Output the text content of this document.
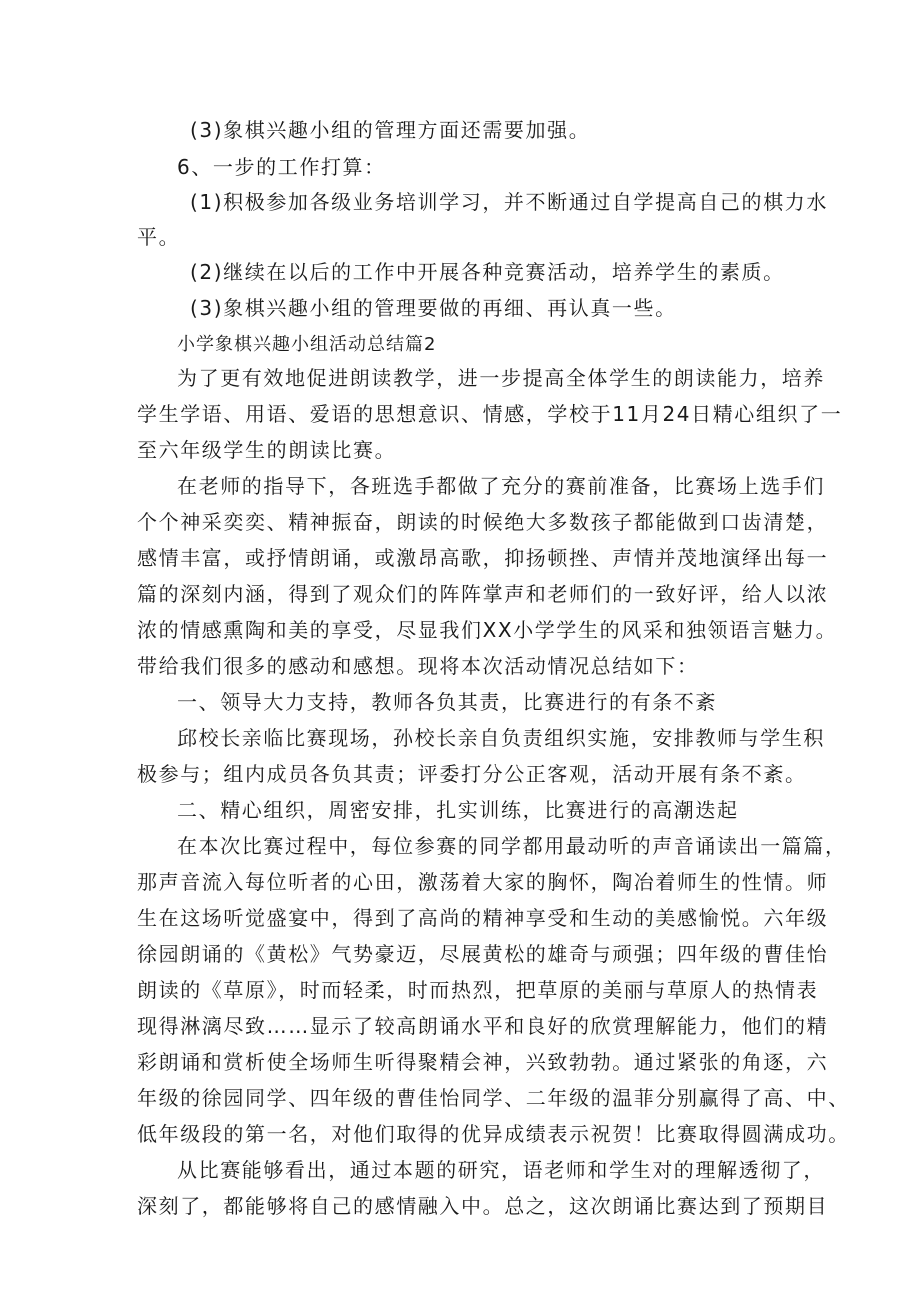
(3)象棋兴趣小组的管理方面还需要加强。
6、一步的工作打算：
(1)积极参加各级业务培训学习，并不断通过自学提高自己的棋力水
平。
(2)继续在以后的工作中开展各种竞赛活动，培养学生的素质。
(3)象棋兴趣小组的管理要做的再细、再认真一些。
小学象棋兴趣小组活动总结篇2
为了更有效地促进朗读教学，进一步提高全体学生的朗读能力，培养
学生学语、用语、爱语的思想意识、情感，学校于11月24日精心组织了一
至六年级学生的朗读比赛。
在老师的指导下，各班选手都做了充分的赛前准备，比赛场上选手们
个个神采奕奕、精神振奋，朗读的时候绝大多数孩子都能做到口齿清楚，
感情丰富，或抒情朗诵，或激昂高歌，抑扬顿挫、声情并茂地演绎出每一
篇的深刻内涵，得到了观众们的阵阵掌声和老师们的一致好评，给人以浓
浓的情感熏陶和美的享受，尽显我们XX小学学生的风采和独领语言魅力。
带给我们很多的感动和感想。现将本次活动情况总结如下：
一、领导大力支持，教师各负其责，比赛进行的有条不紊
邱校长亲临比赛现场，孙校长亲自负责组织实施，安排教师与学生积
极参与；组内成员各负其责；评委打分公正客观，活动开展有条不紊。
二、精心组织，周密安排，扎实训练，比赛进行的高潮迭起
在本次比赛过程中，每位参赛的同学都用最动听的声音诵读出一篇篇，
那声音流入每位听者的心田，激荡着大家的胸怀，陶冶着师生的性情。师
生在这场听觉盛宴中，得到了高尚的精神享受和生动的美感愉悦。六年级
徐园朗诵的《黄松》气势豪迈，尽展黄松的雄奇与顽强；四年级的曹佳怡
朗读的《草原》，时而轻柔，时而热烈，把草原的美丽与草原人的热情表
现得淋漓尽致……显示了较高朗诵水平和良好的欣赏理解能力，他们的精
彩朗诵和赏析使全场师生听得聚精会神，兴致勃勃。通过紧张的角逐，六
年级的徐园同学、四年级的曹佳怡同学、二年级的温菲分别赢得了高、中、
低年级段的第一名，对他们取得的优异成绩表示祝贺！比赛取得圆满成功。
从比赛能够看出，通过本题的研究，语老师和学生对的理解透彻了，
深刻了，都能够将自己的感情融入中。总之，这次朗诵比赛达到了预期目
